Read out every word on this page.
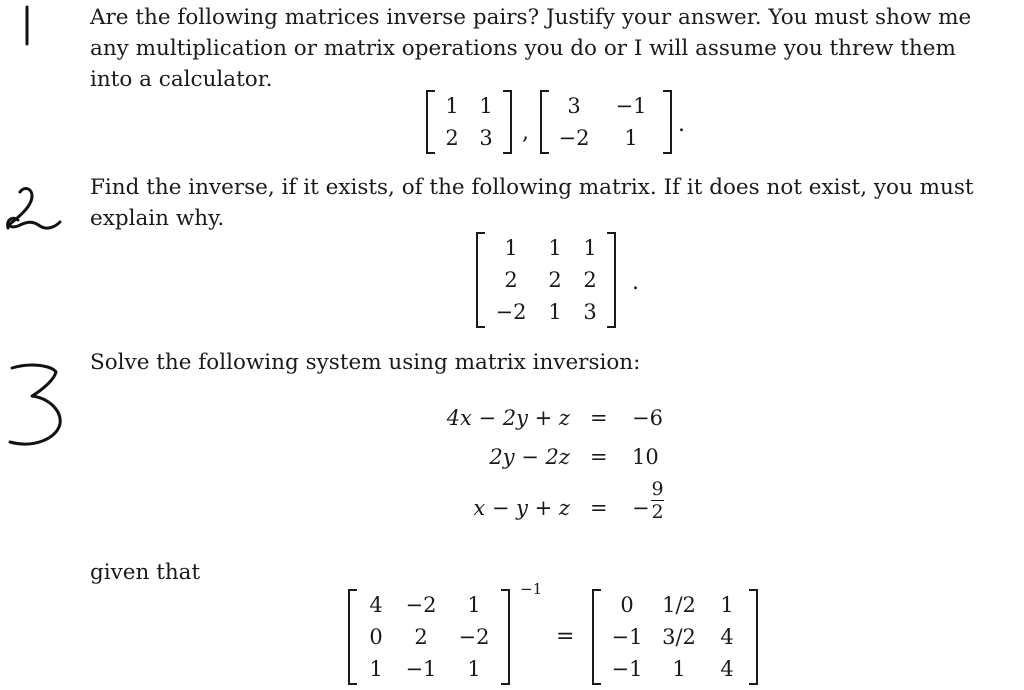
Are the following matrices inverse pairs? Justify your answer. You must show me
any multiplication or matrix operations you do or I will assume you threw them
into a calculator.
1 1
2 3	,
3	−1
−2	1
.
Find the inverse, if it exists, of the following matrix. If it does not exist, you must
explain why.
1	1	1
2	2	2
−2	1	3
.
Solve the following system using matrix inversion:
4x − 2y + z = −6
2y − 2z = 10
x − y + z = −
9
2
given that
4	−2	1
0	2	−2
1	−1	1
−1
=
0	1/2	1
−1 3/2	4
−1	1	4
